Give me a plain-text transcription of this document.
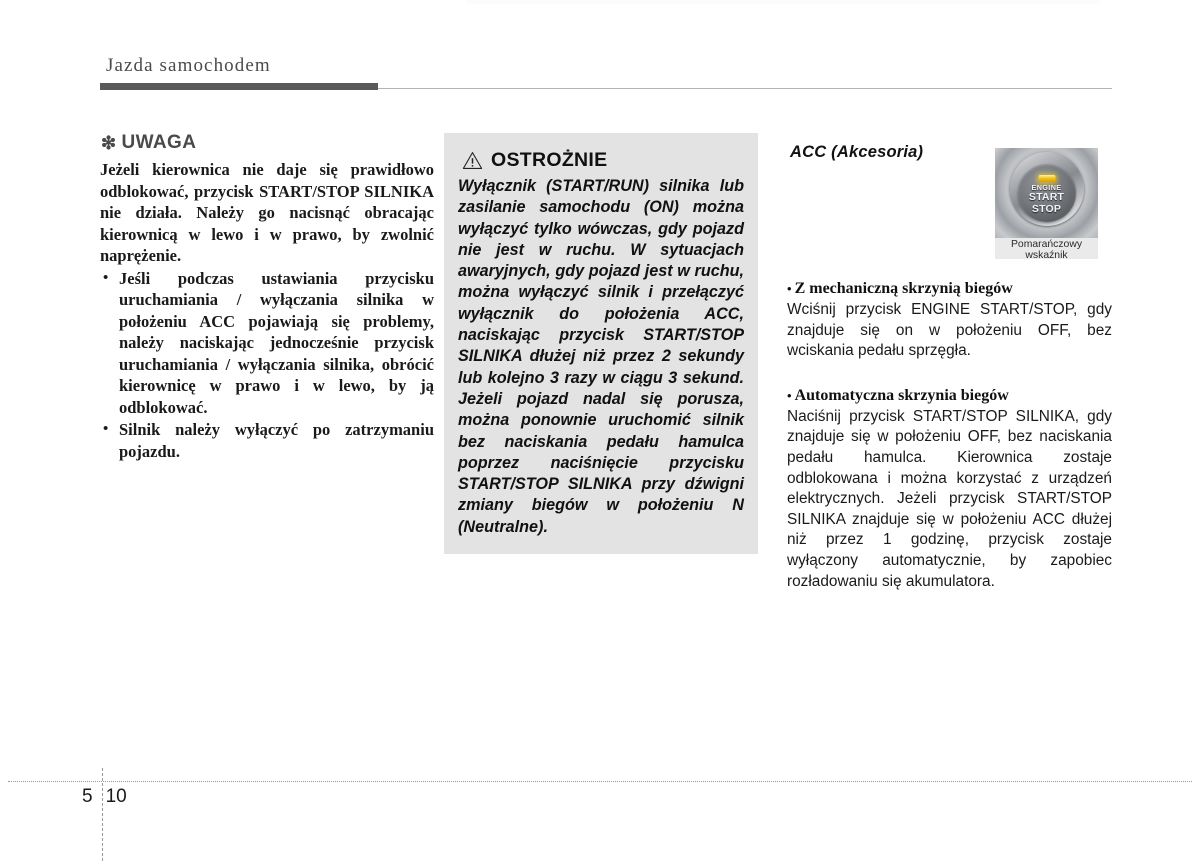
Jazda samochodem
❇ UWAGA

Jeżeli kierownica nie daje się prawidłowo odblokować, przycisk START/STOP SILNIKA nie działa. Należy go nacisnąć obracając kierownicą w lewo i w prawo, by zwolnić naprężenie.

• Jeśli podczas ustawiania przycisku uruchamiania / wyłączania silnika w położeniu ACC pojawiają się problemy, należy naciskając jednocześnie przycisk uruchamiania / wyłączania silnika, obrócić kierownicę w prawo i w lewo, by ją odblokować.
• Silnik należy wyłączyć po zatrzymaniu pojazdu.
OSTROŻNIE

Wyłącznik (START/RUN) silnika lub zasilanie samochodu (ON) można wyłączyć tylko wówczas, gdy pojazd nie jest w ruchu. W sytuacjach awaryjnych, gdy pojazd jest w ruchu, można wyłączyć silnik i przełączyć wyłącznik do położenia ACC, naciskając przycisk START/STOP SILNIKA dłużej niż przez 2 sekundy lub kolejno 3 razy w ciągu 3 sekund. Jeżeli pojazd nadal się porusza, można ponownie uruchomić silnik bez naciskania pedału hamulca poprzez naciśnięcie przycisku START/STOP SILNIKA przy dźwigni zmiany biegów w położeniu N (Neutralne).

ACC (Akcesoria)
• Z mechaniczną skrzynią biegów

Wciśnij przycisk ENGINE START/STOP, gdy znajduje się on w położeniu OFF, bez wciskania pedału sprzęgła.

• Automatyczna skrzynia biegów

Naciśnij przycisk START/STOP SILNIKA, gdy znajduje się w położeniu OFF, bez naciskania pedału hamulca. Kierownica zostaje odblokowana i można korzystać z urządzeń elektrycznych. Jeżeli przycisk START/STOP SILNIKA znajduje się w położeniu ACC dłużej niż przez 1 godzinę, przycisk zostaje wyłączony automatycznie, by zapobiec rozładowaniu się akumulatora.

ENGINE
START
STOP
Pomarańczowy
wskaźnik
5 10
